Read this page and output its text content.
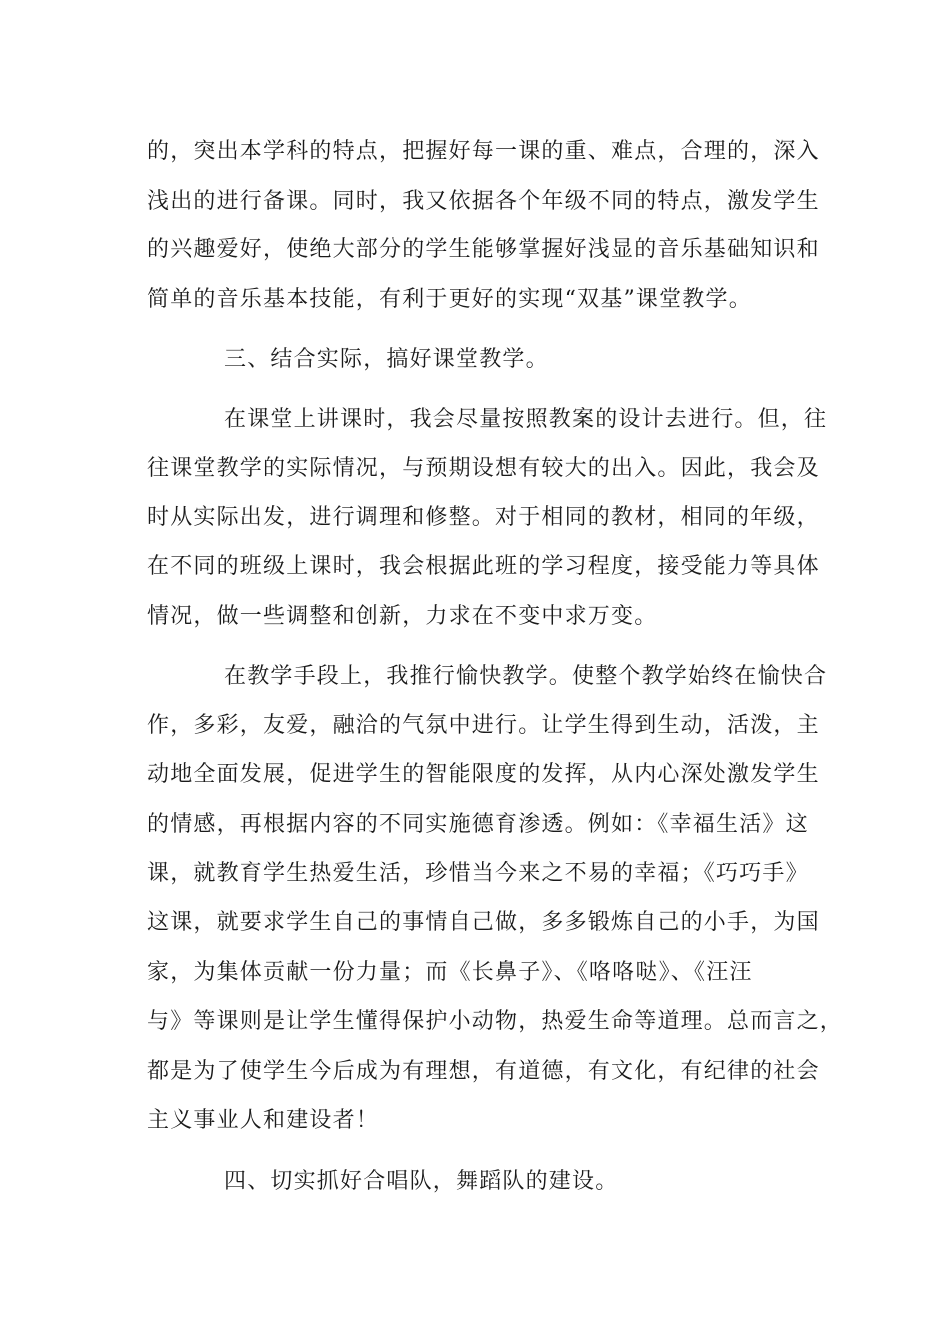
的，突出本学科的特点，把握好每一课的重、难点，合理的，深入
浅出的进行备课。同时，我又依据各个年级不同的特点，激发学生
的兴趣爱好，使绝大部分的学生能够掌握好浅显的音乐基础知识和
简单的音乐基本技能，有利于更好的实现“双基”课堂教学。
三、结合实际，搞好课堂教学。
在课堂上讲课时，我会尽量按照教案的设计去进行。但，往
往课堂教学的实际情况，与预期设想有较大的出入。因此，我会及
时从实际出发，进行调理和修整。对于相同的教材，相同的年级，
在不同的班级上课时，我会根据此班的学习程度，接受能力等具体
情况，做一些调整和创新，力求在不变中求万变。
在教学手段上，我推行愉快教学。使整个教学始终在愉快合
作，多彩，友爱，融洽的气氛中进行。让学生得到生动，活泼，主
动地全面发展，促进学生的智能限度的发挥，从内心深处激发学生
的情感，再根据内容的不同实施德育渗透。例如：《幸福生活》这
课，就教育学生热爱生活，珍惜当今来之不易的幸福；《巧巧手》
这课，就要求学生自己的事情自己做，多多锻炼自己的小手，为国
家，为集体贡献一份力量；而《长鼻子》、《咯咯哒》、《汪汪
与》等课则是让学生懂得保护小动物，热爱生命等道理。总而言之，
都是为了使学生今后成为有理想，有道德，有文化，有纪律的社会
主义事业人和建设者！
四、切实抓好合唱队，舞蹈队的建设。
